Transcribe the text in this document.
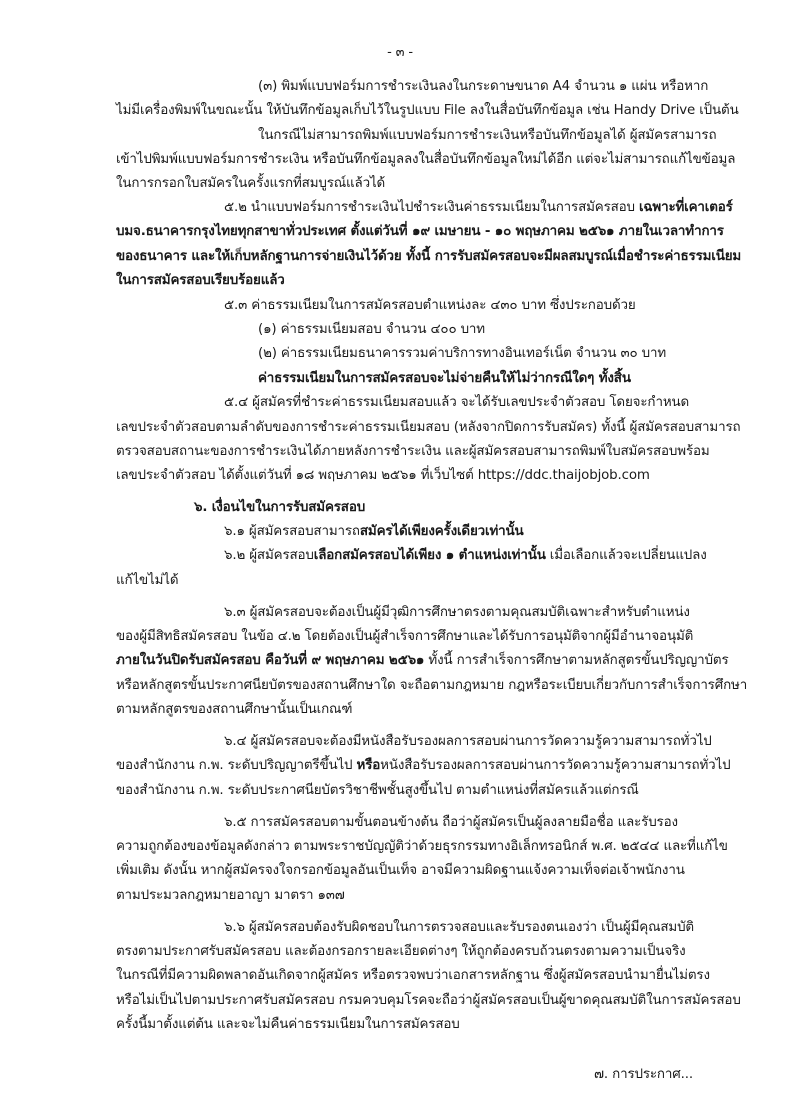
- ๓ -
(๓) พิมพ์แบบฟอร์มการชำระเงินลงในกระดาษขนาด A4 จำนวน ๑ แผ่น หรือหาก
ไม่มีเครื่องพิมพ์ในขณะนั้น ให้บันทึกข้อมูลเก็บไว้ในรูปแบบ File ลงในสื่อบันทึกข้อมูล เช่น Handy Drive เป็นต้น
ในกรณีไม่สามารถพิมพ์แบบฟอร์มการชำระเงินหรือบันทึกข้อมูลได้ ผู้สมัครสามารถ
เข้าไปพิมพ์แบบฟอร์มการชำระเงิน หรือบันทึกข้อมูลลงในสื่อบันทึกข้อมูลใหม่ได้อีก แต่จะไม่สามารถแก้ไขข้อมูล
ในการกรอกใบสมัครในครั้งแรกที่สมบูรณ์แล้วได้
๕.๒ นำแบบฟอร์มการชำระเงินไปชำระเงินค่าธรรมเนียมในการสมัครสอบ เฉพาะที่เคาเตอร์
บมจ.ธนาคารกรุงไทยทุกสาขาทั่วประเทศ ตั้งแต่วันที่ ๑๙ เมษายน - ๑๐ พฤษภาคม ๒๕๖๑ ภายในเวลาทำการ
ของธนาคาร และให้เก็บหลักฐานการจ่ายเงินไว้ด้วย ทั้งนี้ การรับสมัครสอบจะมีผลสมบูรณ์เมื่อชำระค่าธรรมเนียม
ในการสมัครสอบเรียบร้อยแล้ว
๕.๓ ค่าธรรมเนียมในการสมัครสอบตำแหน่งละ ๔๓๐ บาท ซึ่งประกอบด้วย
(๑) ค่าธรรมเนียมสอบ จำนวน ๔๐๐ บาท
(๒) ค่าธรรมเนียมธนาคารรวมค่าบริการทางอินเทอร์เน็ต จำนวน ๓๐ บาท
ค่าธรรมเนียมในการสมัครสอบจะไม่จ่ายคืนให้ไม่ว่ากรณีใดๆ ทั้งสิ้น
๕.๔ ผู้สมัครที่ชำระค่าธรรมเนียมสอบแล้ว จะได้รับเลขประจำตัวสอบ โดยจะกำหนด
เลขประจำตัวสอบตามลำดับของการชำระค่าธรรมเนียมสอบ (หลังจากปิดการรับสมัคร) ทั้งนี้ ผู้สมัครสอบสามารถ
ตรวจสอบสถานะของการชำระเงินได้ภายหลังการชำระเงิน และผู้สมัครสอบสามารถพิมพ์ใบสมัครสอบพร้อม
เลขประจำตัวสอบ ได้ตั้งแต่วันที่ ๑๘ พฤษภาคม ๒๕๖๑ ที่เว็บไซต์ https://ddc.thaijobjob.com
๖. เงื่อนไขในการรับสมัครสอบ
๖.๑ ผู้สมัครสอบสามารถสมัครได้เพียงครั้งเดียวเท่านั้น
๖.๒ ผู้สมัครสอบเลือกสมัครสอบได้เพียง ๑ ตำแหน่งเท่านั้น เมื่อเลือกแล้วจะเปลี่ยนแปลง
แก้ไขไม่ได้
๖.๓ ผู้สมัครสอบจะต้องเป็นผู้มีวุฒิการศึกษาตรงตามคุณสมบัติเฉพาะสำหรับตำแหน่ง
ของผู้มีสิทธิสมัครสอบ ในข้อ ๔.๒ โดยต้องเป็นผู้สำเร็จการศึกษาและได้รับการอนุมัติจากผู้มีอำนาจอนุมัติ
ภายในวันปิดรับสมัครสอบ คือวันที่ ๙ พฤษภาคม ๒๕๖๑ ทั้งนี้ การสำเร็จการศึกษาตามหลักสูตรขั้นปริญญาบัตร
หรือหลักสูตรขั้นประกาศนียบัตรของสถานศึกษาใด จะถือตามกฎหมาย กฎหรือระเบียบเกี่ยวกับการสำเร็จการศึกษา
ตามหลักสูตรของสถานศึกษานั้นเป็นเกณฑ์
๖.๔ ผู้สมัครสอบจะต้องมีหนังสือรับรองผลการสอบผ่านการวัดความรู้ความสามารถทั่วไป
ของสำนักงาน ก.พ. ระดับปริญญาตรีขึ้นไป หรือหนังสือรับรองผลการสอบผ่านการวัดความรู้ความสามารถทั่วไป
ของสำนักงาน ก.พ. ระดับประกาศนียบัตรวิชาชีพชั้นสูงขึ้นไป ตามตำแหน่งที่สมัครแล้วแต่กรณี
๖.๕ การสมัครสอบตามขั้นตอนข้างต้น ถือว่าผู้สมัครเป็นผู้ลงลายมือชื่อ และรับรอง
ความถูกต้องของข้อมูลดังกล่าว ตามพระราชบัญญัติว่าด้วยธุรกรรมทางอิเล็กทรอนิกส์ พ.ศ. ๒๕๔๔ และที่แก้ไข
เพิ่มเติม ดังนั้น หากผู้สมัครจงใจกรอกข้อมูลอันเป็นเท็จ อาจมีความผิดฐานแจ้งความเท็จต่อเจ้าพนักงาน
ตามประมวลกฎหมายอาญา มาตรา ๑๓๗
๖.๖ ผู้สมัครสอบต้องรับผิดชอบในการตรวจสอบและรับรองตนเองว่า เป็นผู้มีคุณสมบัติ
ตรงตามประกาศรับสมัครสอบ และต้องกรอกรายละเอียดต่างๆ ให้ถูกต้องครบถ้วนตรงตามความเป็นจริง
ในกรณีที่มีความผิดพลาดอันเกิดจากผู้สมัคร หรือตรวจพบว่าเอกสารหลักฐาน ซึ่งผู้สมัครสอบนำมายื่นไม่ตรง
หรือไม่เป็นไปตามประกาศรับสมัครสอบ กรมควบคุมโรคจะถือว่าผู้สมัครสอบเป็นผู้ขาดคุณสมบัติในการสมัครสอบ
ครั้งนี้มาตั้งแต่ต้น และจะไม่คืนค่าธรรมเนียมในการสมัครสอบ
๗. การประกาศ...
